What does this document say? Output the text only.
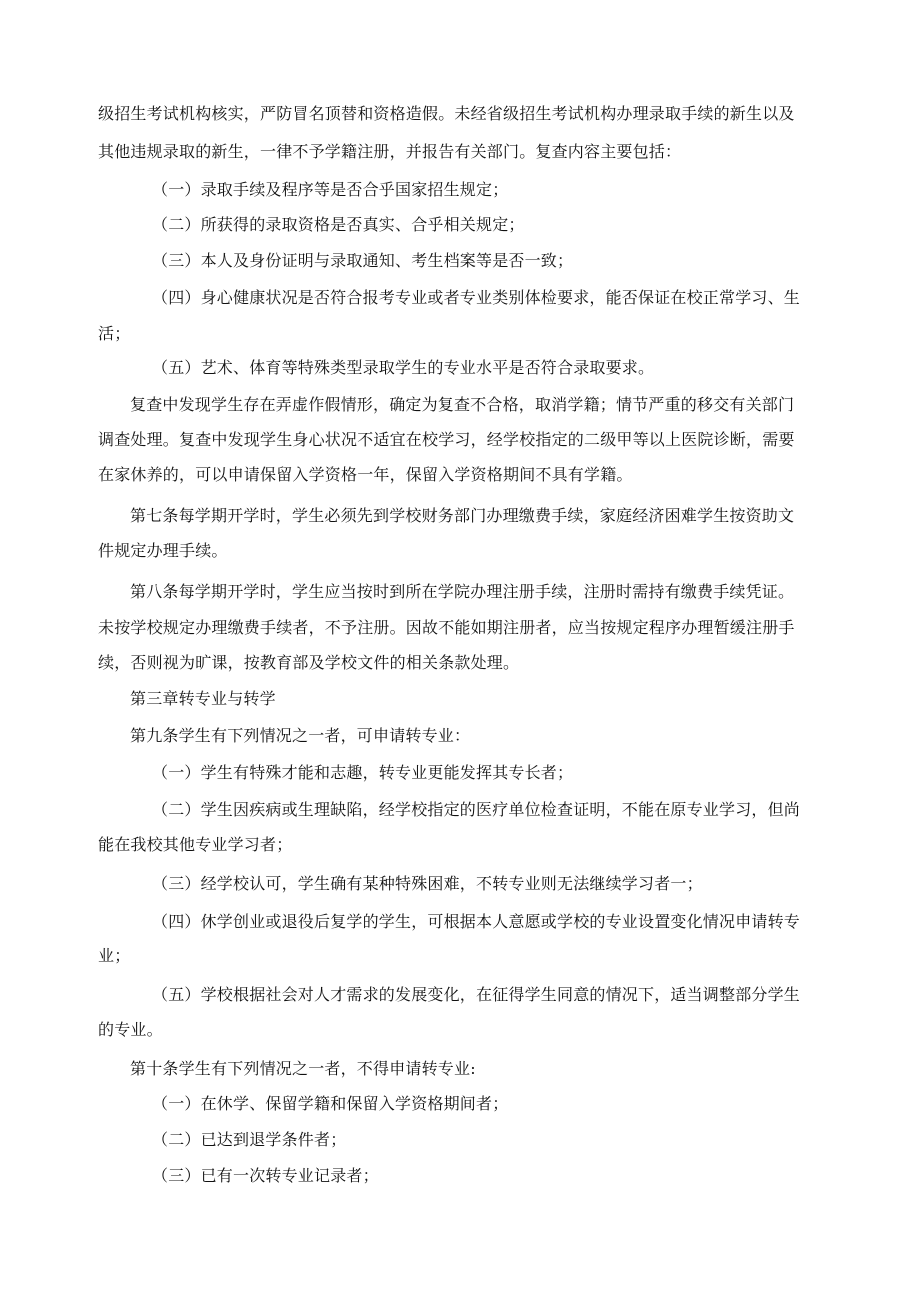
级招生考试机构核实，严防冒名顶替和资格造假。未经省级招生考试机构办理录取手续的新生以及
其他违规录取的新生，一律不予学籍注册，并报告有关部门。复查内容主要包括：
（一）录取手续及程序等是否合乎国家招生规定；
（二）所获得的录取资格是否真实、合乎相关规定；
（三）本人及身份证明与录取通知、考生档案等是否一致；
（四）身心健康状况是否符合报考专业或者专业类别体检要求，能否保证在校正常学习、生
活；
（五）艺术、体育等特殊类型录取学生的专业水平是否符合录取要求。
复查中发现学生存在弄虚作假情形，确定为复查不合格，取消学籍；情节严重的移交有关部门
调查处理。复查中发现学生身心状况不适宜在校学习，经学校指定的二级甲等以上医院诊断，需要
在家休养的，可以申请保留入学资格一年，保留入学资格期间不具有学籍。
第七条每学期开学时，学生必须先到学校财务部门办理缴费手续，家庭经济困难学生按资助文
件规定办理手续。
第八条每学期开学时，学生应当按时到所在学院办理注册手续，注册时需持有缴费手续凭证。
未按学校规定办理缴费手续者，不予注册。因故不能如期注册者，应当按规定程序办理暂缓注册手
续，否则视为旷课，按教育部及学校文件的相关条款处理。
第三章转专业与转学
第九条学生有下列情况之一者，可申请转专业：
（一）学生有特殊才能和志趣，转专业更能发挥其专长者；
（二）学生因疾病或生理缺陷，经学校指定的医疗单位检查证明，不能在原专业学习，但尚
能在我校其他专业学习者；
（三）经学校认可，学生确有某种特殊困难，不转专业则无法继续学习者一；
（四）休学创业或退役后复学的学生，可根据本人意愿或学校的专业设置变化情况申请转专
业；
（五）学校根据社会对人才需求的发展变化，在征得学生同意的情况下，适当调整部分学生
的专业。
第十条学生有下列情况之一者，不得申请转专业:
（一）在休学、保留学籍和保留入学资格期间者；
（二）已达到退学条件者；
（三）已有一次转专业记录者；
